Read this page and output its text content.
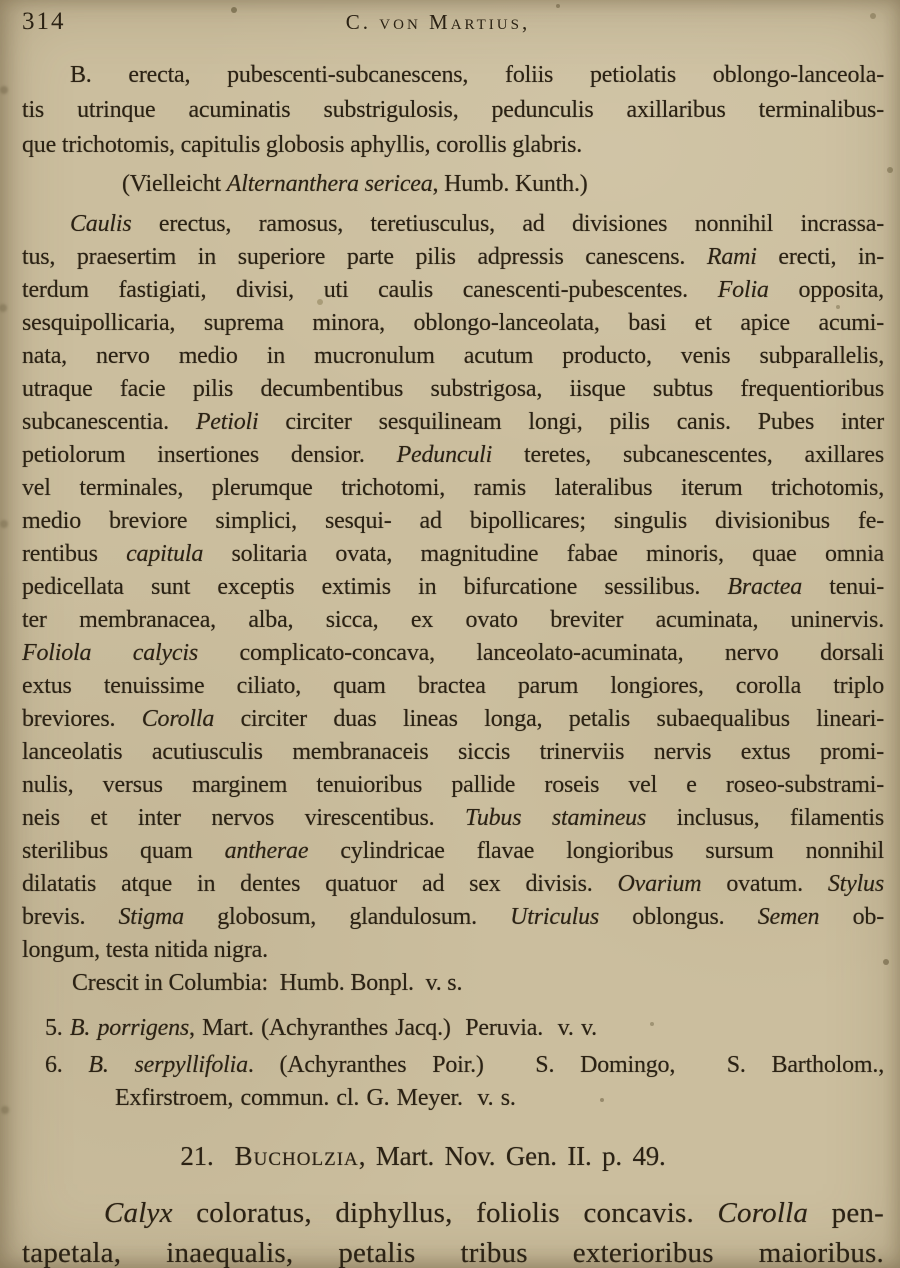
314	C. von Martius,
B. erecta, pubescenti-subcanescens, foliis petiolatis oblongo-lanceola-
tis utrinque acuminatis substrigulosis, pedunculis axillaribus terminalibus-
que trichotomis, capitulis globosis aphyllis, corollis glabris.
(Vielleicht Alternanthera sericea, Humb. Kunth.)
Caulis erectus, ramosus, teretiusculus, ad divisiones nonnihil incrassa-
tus, praesertim in superiore parte pilis adpressis canescens. Rami erecti, in-
terdum fastigiati, divisi, uti caulis canescenti-pubescentes. Folia opposita,
sesquipollicaria, suprema minora, oblongo-lanceolata, basi et apice acumi-
nata, nervo medio in mucronulum acutum producto, venis subparallelis,
utraque facie pilis decumbentibus substrigosa, iisque subtus frequentioribus
subcanescentia. Petioli circiter sesquilineam longi, pilis canis. Pubes inter
petiolorum insertiones densior. Pedunculi teretes, subcanescentes, axillares
vel terminales, plerumque trichotomi, ramis lateralibus iterum trichotomis,
medio breviore simplici, sesqui- ad bipollicares; singulis divisionibus fe-
rentibus capitula solitaria ovata, magnitudine fabae minoris, quae omnia
pedicellata sunt exceptis extimis in bifurcatione sessilibus. Bractea tenui-
ter membranacea, alba, sicca, ex ovato breviter acuminata, uninervis.
Foliola calycis complicato-concava, lanceolato-acuminata, nervo dorsali
extus tenuissime ciliato, quam bractea parum longiores, corolla triplo
breviores. Corolla circiter duas lineas longa, petalis subaequalibus lineari-
lanceolatis acutiusculis membranaceis siccis trinerviis nervis extus promi-
nulis, versus marginem tenuioribus pallide roseis vel e roseo-substrami-
neis et inter nervos virescentibus. Tubus stamineus inclusus, filamentis
sterilibus quam antherae cylindricae flavae longioribus sursum nonnihil
dilatatis atque in dentes quatuor ad sex divisis. Ovarium ovatum. Stylus
brevis. Stigma globosum, glandulosum. Utriculus oblongus. Semen ob-
longum, testa nitida nigra.
Crescit in Columbia:  Humb. Bonpl.  v. s.
5. B. porrigens, Mart. (Achyranthes Jacq.)  Peruvia.  v. v.
6. B. serpyllifolia. (Achyranthes Poir.)  S. Domingo,  S. Bartholom.,
Exfirstroem, commun. cl. G. Meyer.  v. s.
21.  Bucholzia, Mart. Nov. Gen. II. p. 49.
Calyx coloratus, diphyllus, foliolis concavis. Corolla pen-
tapetala, inaequalis, petalis tribus exterioribus maioribus.
